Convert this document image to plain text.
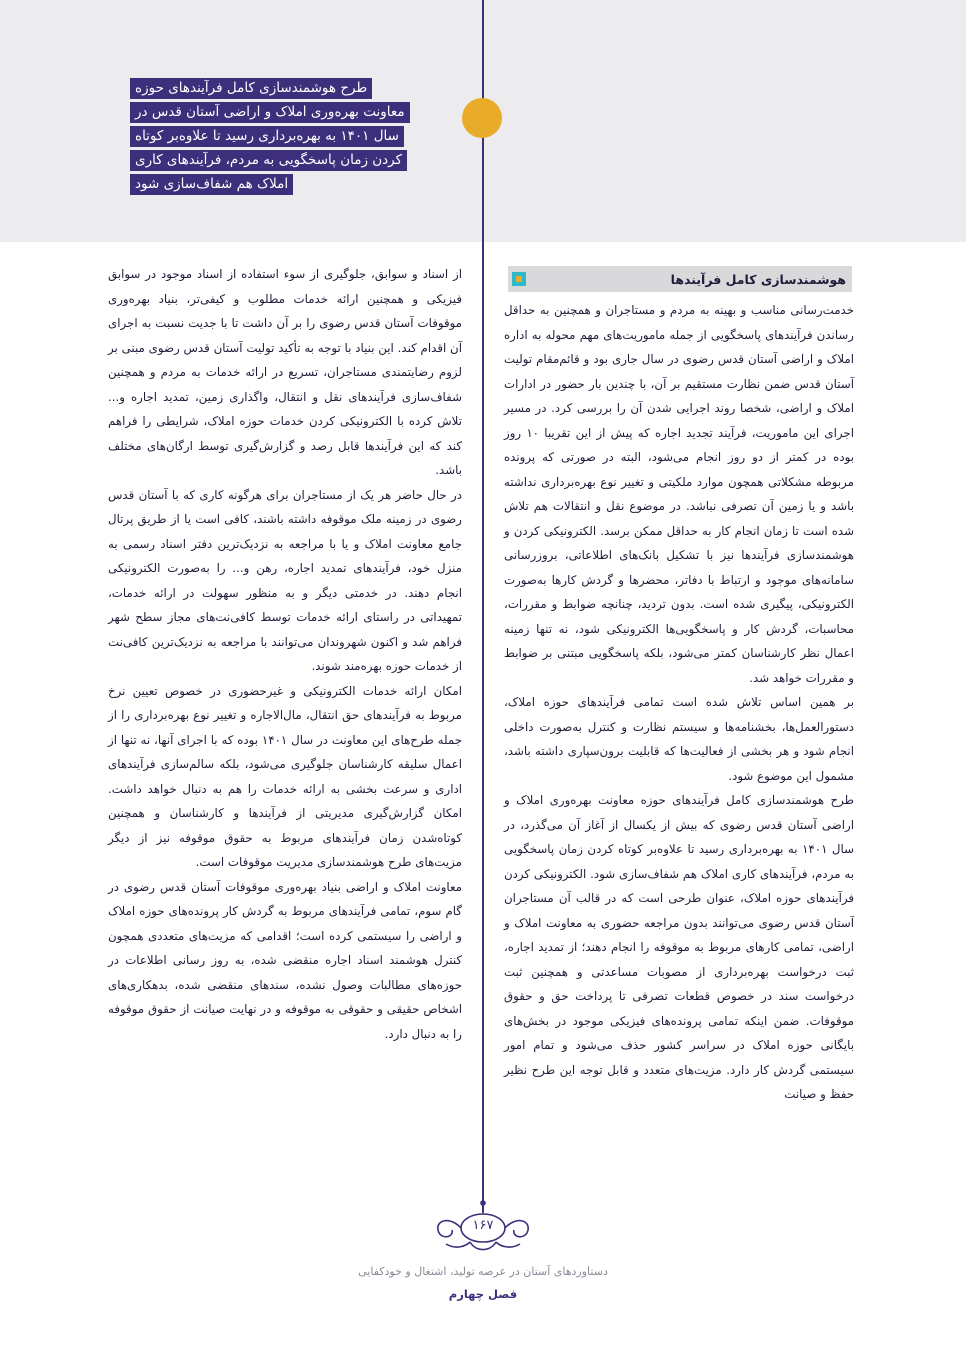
طرح هوشمندسازی کامل فرآیندهای حوزه
معاونت بهره‌وری املاک و اراضی آستان قدس در
سال ۱۴۰۱ به بهره‌برداری رسید تا علاوه‌بر کوتاه
کردن زمان پاسخگویی به مردم، فرآیندهای کاری
املاک هم شفاف‌سازی شود
هوشمندسازی کامل فرآیندها

خدمت‌رسانی مناسب و بهینه به مردم و مستاجران و همچنین به حداقل رساندن فرآیندهای پاسخگویی از جمله ماموریت‌های مهم محوله به اداره املاک و اراضی آستان قدس رضوی در سال جاری بود و قائم‌مقام تولیت آستان قدس ضمن نظارت مستقیم بر آن، با چندین بار حضور در ادارات املاک و اراضی، شخصا روند اجرایی شدن آن را بررسی کرد. در مسیر اجرای این ماموریت، فرآیند تجدید اجاره که پیش از این تقریبا ۱۰ روز بوده در کمتر از دو روز انجام می‌شود، البته در صورتی که پرونده مربوطه مشکلاتی همچون موارد ملکیتی و تغییر نوع بهره‌برداری نداشته باشد و یا زمین آن تصرفی نباشد. در موضوع نقل و انتقالات هم تلاش شده است تا زمان انجام کار به حداقل ممکن برسد. الکترونیکی کردن و هوشمندسازی فرآیندها نیز با تشکیل بانک‌های اطلاعاتی، بروزرسانی سامانه‌های موجود و ارتباط با دفاتر، محضرها و گردش کارها به‌صورت الکترونیکی، پیگیری شده است. بدون تردید، چنانچه ضوابط و مقررات، محاسبات، گردش کار و پاسخگویی‌ها الکترونیکی شود، نه تنها زمینه اعمال نظر کارشناسان کمتر می‌شود، بلکه پاسخگویی مبتنی بر ضوابط و مقررات خواهد شد.

بر همین اساس تلاش شده است تمامی فرآیندهای حوزه املاک، دستورالعمل‌ها، بخشنامه‌ها و سیستم نظارت و کنترل به‌صورت داخلی انجام شود و هر بخشی از فعالیت‌ها که قابلیت برون‌سپاری داشته باشد، مشمول این موضوع شود.

طرح هوشمندسازی کامل فرآیندهای حوزه معاونت بهره‌وری املاک و اراضی آستان قدس رضوی که بیش از یکسال از آغاز آن می‌گذرد، در سال ۱۴۰۱ به بهره‌برداری رسید تا علاوه‌بر کوتاه کردن زمان پاسخگویی به مردم، فرآیندهای کاری املاک هم شفاف‌سازی شود. الکترونیکی کردن فرآیندهای حوزه املاک، عنوان طرحی است که در قالب آن مستاجران آستان قدس رضوی می‌توانند بدون مراجعه حضوری به معاونت املاک و اراضی، تمامی کارهای مربوط به موقوفه را انجام دهند؛ از تمدید اجاره، ثبت درخواست بهره‌برداری از مصوبات مساعدتی و همچنین ثبت درخواست سند در خصوص قطعات تصرفی تا پرداخت حق و حقوق موقوفات. ضمن اینکه تمامی پرونده‌های فیزیکی موجود در بخش‌های بایگانی حوزه املاک در سراسر کشور حذف می‌شود و تمام امور سیستمی گردش کار دارد. مزیت‌های متعدد و قابل توجه این طرح نظیر حفظ و صیانت

از اسناد و سوابق، جلوگیری از سوء استفاده از اسناد موجود در سوابق فیزیکی و همچنین ارائه خدمات مطلوب و کیفی‌تر، بنیاد بهره‌وری موقوفات آستان قدس رضوی را بر آن داشت تا با جدیت نسبت به اجرای آن اقدام کند. این بنیاد با توجه به تأکید تولیت آستان قدس رضوی مبنی بر لزوم رضایتمندی مستاجران، تسریع در ارائه خدمات به مردم و همچنین شفاف‌سازی فرآیندهای نقل و انتقال، واگذاری زمین، تمدید اجاره و... تلاش کرده با الکترونیکی کردن خدمات حوزه املاک، شرایطی را فراهم کند که این فرآیندها قابل رصد و گزارش‌گیری توسط ارگان‌های مختلف باشد.

در حال حاضر هر یک از مستاجران برای هرگونه کاری که با آستان قدس رضوی در زمینه ملک موقوفه داشته باشند، کافی است یا از طریق پرتال جامع معاونت املاک و یا با مراجعه به نزدیک‌ترین دفتر اسناد رسمی به منزل خود، فرآیندهای تمدید اجاره، رهن و... را به‌صورت الکترونیکی انجام دهند. در خدمتی دیگر و به منظور سهولت در ارائه خدمات، تمهیداتی در راستای ارائه خدمات توسط کافی‌نت‌های مجاز سطح شهر فراهم شد و اکنون شهروندان می‌توانند با مراجعه به نزدیک‌ترین کافی‌نت از خدمات حوزه بهره‌مند شوند.

امکان ارائه خدمات الکترونیکی و غیرحضوری در خصوص تعیین نرخ مربوط به فرآیندهای حق انتقال، مال‌الاجاره و تغییر نوع بهره‌برداری را از جمله طرح‌های این معاونت در سال ۱۴۰۱ بوده که با اجرای آنها، نه تنها از اعمال سلیقه کارشناسان جلوگیری می‌شود، بلکه سالم‌سازی فرآیندهای اداری و سرعت بخشی به ارائه خدمات را هم به دنبال خواهد داشت. امکان گزارش‌گیری مدیریتی از فرآیندها و کارشناسان و همچنین کوتاه‌شدن زمان فرآیندهای مربوط به حقوق موقوفه نیز از دیگر مزیت‌های طرح هوشمندسازی مدیریت موقوفات است.

معاونت املاک و اراضی بنیاد بهره‌وری موقوفات آستان قدس رضوی در گام سوم، تمامی فرآیندهای مربوط به گردش کار پرونده‌های حوزه املاک و اراضی را سیستمی کرده است؛ اقدامی که مزیت‌های متعددی همچون کنترل هوشمند اسناد اجاره منقضی شده، به روز رسانی اطلاعات در حوزه‌های مطالبات وصول نشده، سندهای منقضی شده، بدهکاری‌های اشخاص حقیقی و حقوقی به موقوفه و در نهایت صیانت از حقوق موقوفه را به دنبال دارد.

۱۶۷
دستاوردهای آستان در عرصه تولید، اشتغال و خودکفایی
فصل چهارم
